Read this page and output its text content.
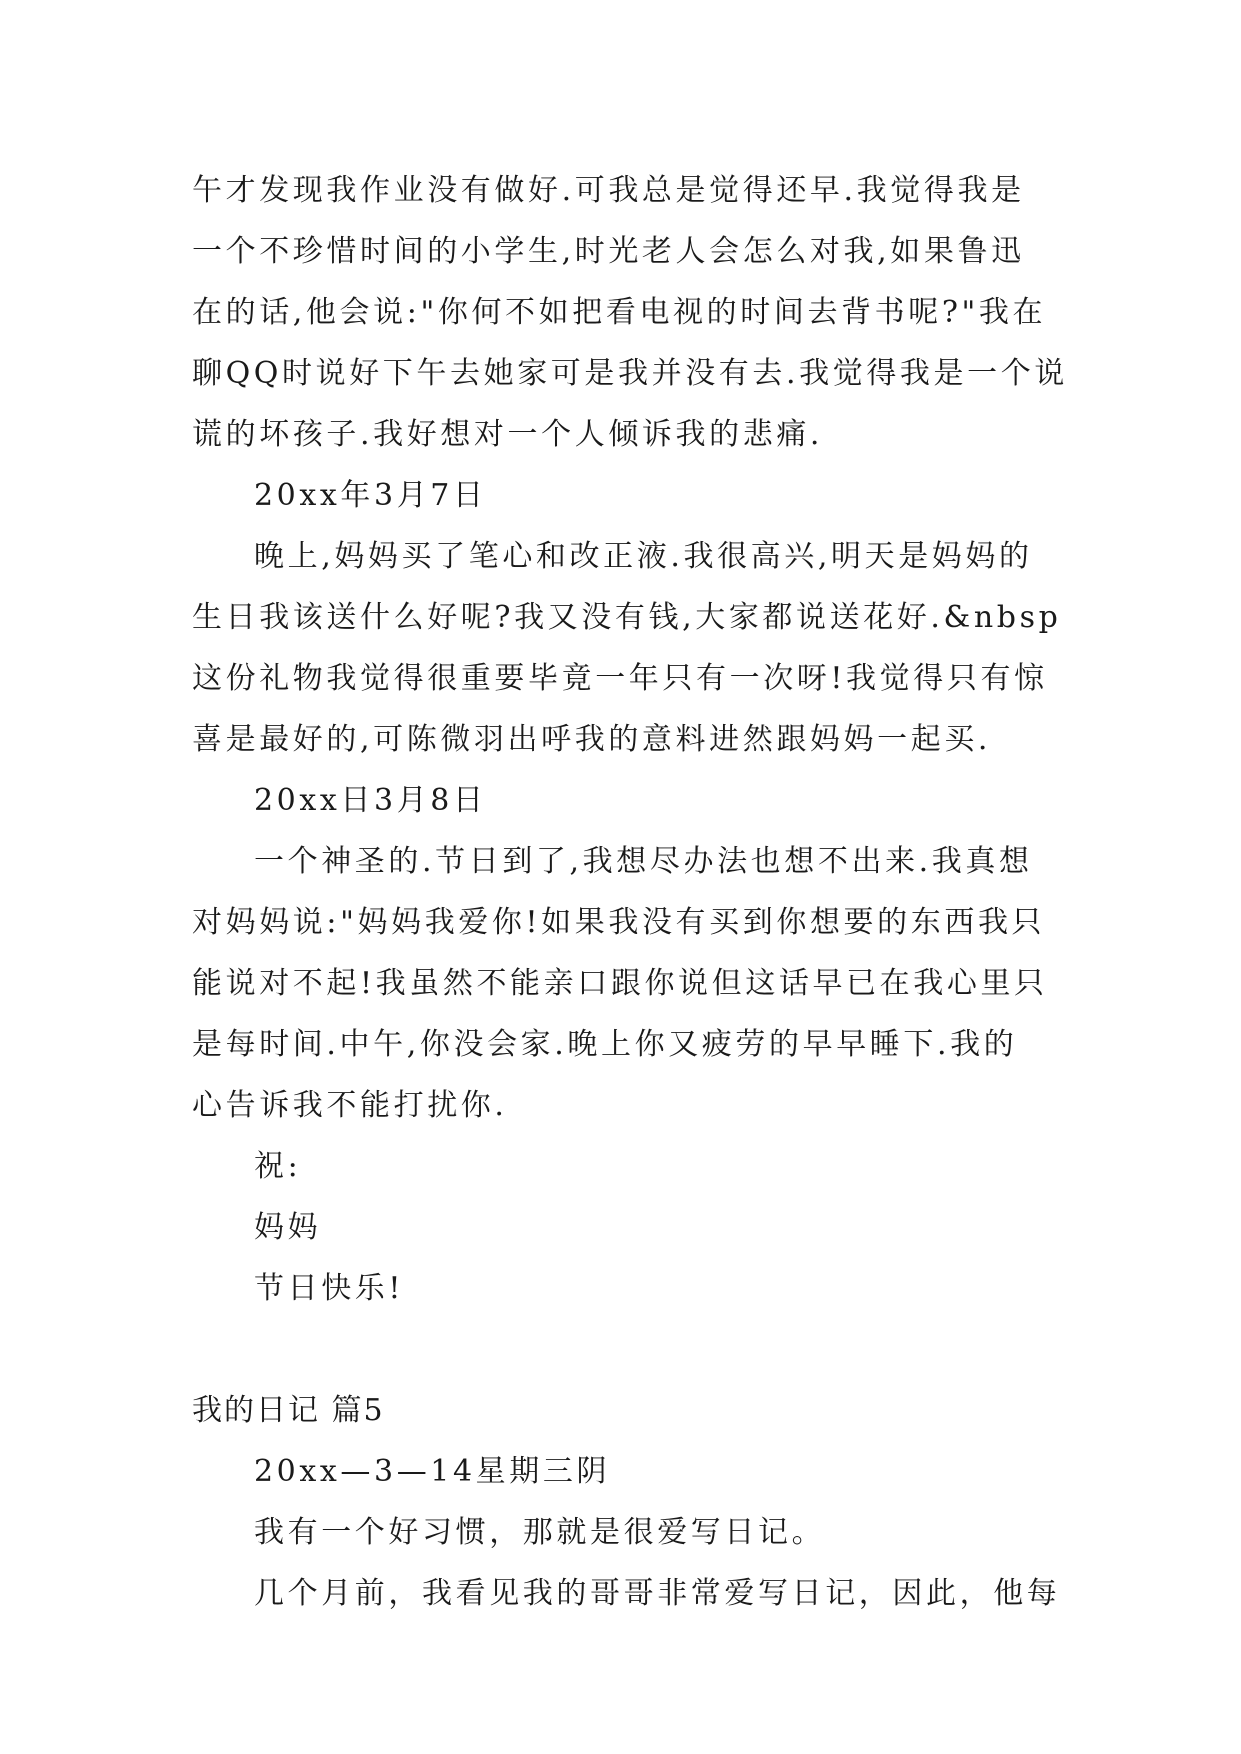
午才发现我作业没有做好.可我总是觉得还早.我觉得我是
一个不珍惜时间的小学生,时光老人会怎么对我,如果鲁迅
在的话,他会说:"你何不如把看电视的时间去背书呢?"我在
聊QQ时说好下午去她家可是我并没有去.我觉得我是一个说
谎的坏孩子.我好想对一个人倾诉我的悲痛.
20xx年3月7日
晚上,妈妈买了笔心和改正液.我很高兴,明天是妈妈的
生日我该送什么好呢?我又没有钱,大家都说送花好.&nbsp
这份礼物我觉得很重要毕竟一年只有一次呀!我觉得只有惊
喜是最好的,可陈微羽出呼我的意料进然跟妈妈一起买.
20xx日3月8日
一个神圣的.节日到了,我想尽办法也想不出来.我真想
对妈妈说:"妈妈我爱你!如果我没有买到你想要的东西我只
能说对不起!我虽然不能亲口跟你说但这话早已在我心里只
是每时间.中午,你没会家.晚上你又疲劳的早早睡下.我的
心告诉我不能打扰你.
祝:
妈妈
节日快乐!
我的日记 篇5
20xx—3—14星期三阴
我有一个好习惯，那就是很爱写日记。
几个月前，我看见我的哥哥非常爱写日记，因此，他每
